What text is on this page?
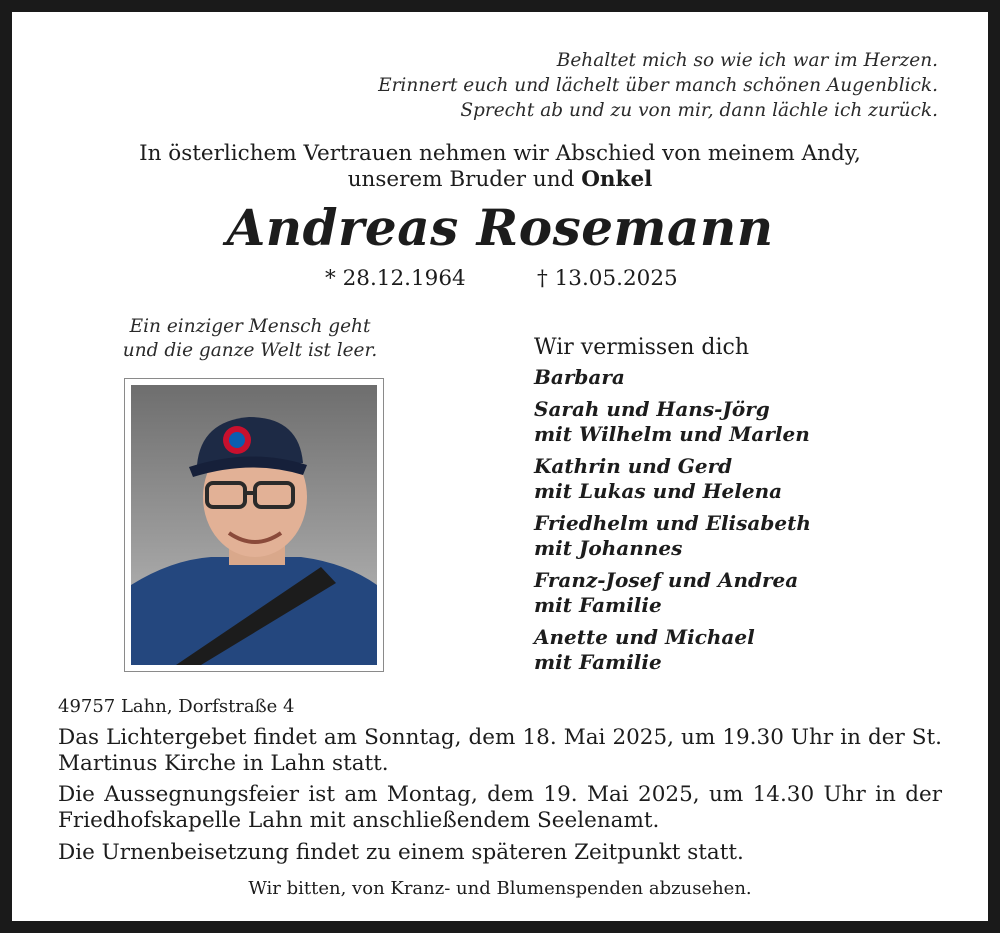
Behaltet mich so wie ich war im Herzen.
Erinnert euch und lächelt über manch schönen Augenblick.
Sprecht ab und zu von mir, dann lächle ich zurück.
In österlichem Vertrauen nehmen wir Abschied von meinem Andy,
unserem Bruder und Onkel
Andreas Rosemann
* 28.12.1964	† 13.05.2025
Ein einziger Mensch geht
und die ganze Welt ist leer.	Wir vermissen dich
Barbara
Sarah und Hans-Jörg
mit Wilhelm und Marlen
Kathrin und Gerd
mit Lukas und Helena
Friedhelm und Elisabeth
mit Johannes
Franz-Josef und Andrea
mit Familie
Anette und Michael
mit Familie
49757 Lahn, Dorfstraße 4
Das Lichtergebet findet am Sonntag, dem 18. Mai 2025, um 19.30 Uhr in der St. Martinus Kirche in Lahn statt.
Die Aussegnungsfeier ist am Montag, dem 19. Mai 2025, um 14.30 Uhr in der Friedhofskapelle Lahn mit anschließendem Seelenamt.
Die Urnenbeisetzung findet zu einem späteren Zeitpunkt statt.
Wir bitten, von Kranz- und Blumenspenden abzusehen.
